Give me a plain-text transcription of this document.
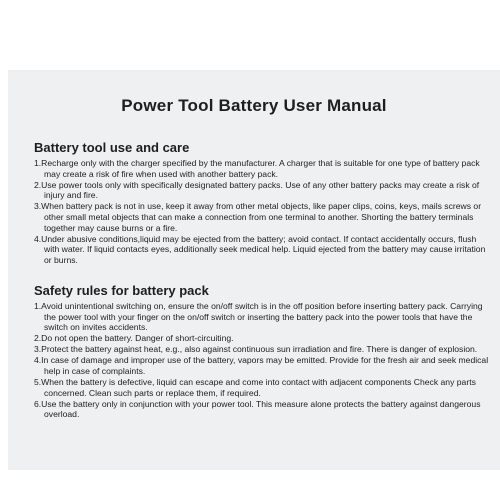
Power Tool Battery User Manual
Battery tool use and care
1.Recharge only with the charger specified by the manufacturer. A charger that is suitable for one type of battery pack may create a risk of fire when used with another battery pack.
2.Use power tools only with specifically designated battery packs. Use of any other battery packs may create a risk of injury and fire.
3.When battery pack is not in use, keep it away from other metal objects, like paper clips, coins, keys, mails screws or other small metal objects that can make a connection from one terminal to another. Shorting the battery terminals together may cause burns or a fire.
4.Under abusive conditions,liquid may be ejected from the battery; avoid contact. If contact accidentally occurs, flush with water. If liquid contacts eyes, additionally seek medical help. Liquid ejected from the battery may cause irritation or burns.
Safety rules for battery pack
1.Avoid unintentional switching on, ensure the on/off switch is in the off position before inserting battery pack. Carrying the power tool with your finger on the on/off switch or inserting the battery pack into the power tools that have the switch on invites accidents.
2.Do not open the battery. Danger of short-circuiting.
3.Protect the battery against heat, e.g., also against continuous sun irradiation and fire. There is danger of explosion.
4.In case of damage and improper use of the battery, vapors may be emitted. Provide for the fresh air and seek medical help in case of complaints.
5.When the battery is defective, liquid can escape and come into contact with adjacent components Check any parts concerned. Clean such parts or replace them, if required.
6.Use the battery only in conjunction with your power tool. This measure alone protects the battery against dangerous overload.
